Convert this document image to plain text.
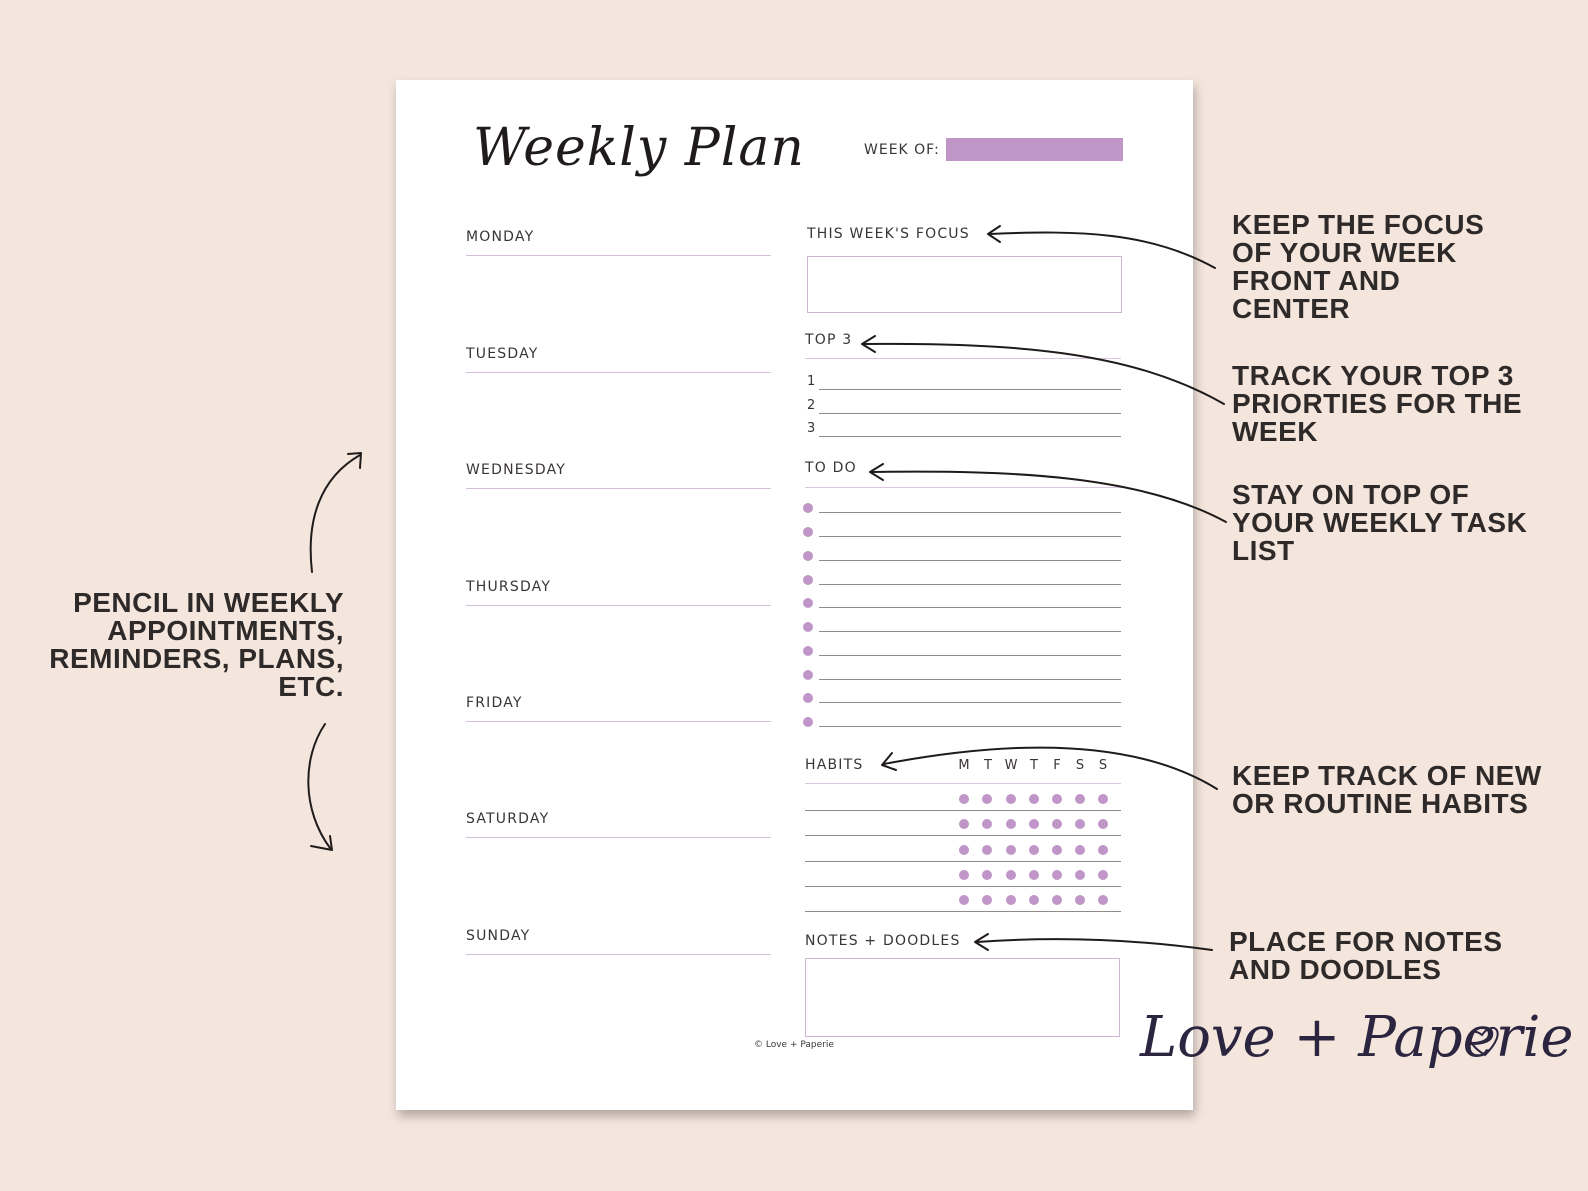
Weekly Plan	WEEK OF:
MONDAY
TUESDAY
WEDNESDAY
THURSDAY
FRIDAY
SATURDAY
SUNDAY
THIS WEEK'S FOCUS
TOP 3
1
2
3
TO DO
HABITS	M T W T F S S
NOTES + DOODLES
© Love + Paperie
KEEP THE FOCUS
OF YOUR WEEK
FRONT AND
CENTER
TRACK YOUR TOP 3
PRIORTIES FOR THE
WEEK
STAY ON TOP OF
YOUR WEEKLY TASK
LIST
KEEP TRACK OF NEW
OR ROUTINE HABITS
PLACE FOR NOTES
AND DOODLES
PENCIL IN WEEKLY
APPOINTMENTS,
REMINDERS, PLANS,
ETC.
Love + Paperie
